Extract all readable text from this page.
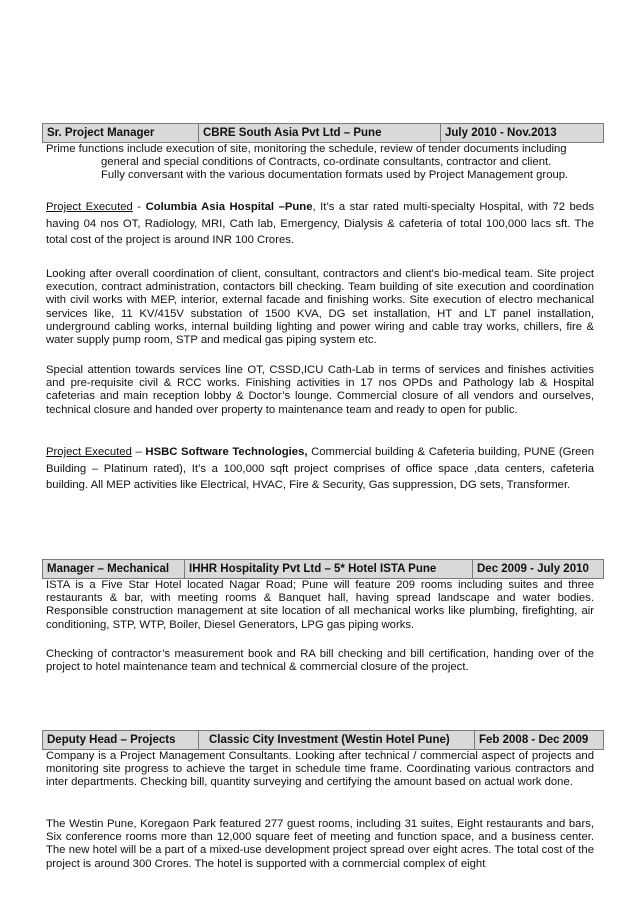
Sr. Project Manager	CBRE South Asia Pvt Ltd – Pune	July 2010 - Nov.2013
Prime functions include execution of site, monitoring the schedule, review of tender documents including
general and special conditions of Contracts, co-ordinate consultants, contractor and client.
Fully conversant with the various documentation formats used by Project Management group.

Project Executed - Columbia Asia Hospital –Pune, It’s a star rated multi-specialty Hospital, with 72 beds having 04 nos OT, Radiology, MRI, Cath lab, Emergency, Dialysis & cafeteria of total 100,000 lacs sft. The total cost of the project is around INR 100 Crores.

Looking after overall coordination of client, consultant, contractors and client's bio-medical team. Site project execution, contract administration, contactors bill checking. Team building of site execution and coordination with civil works with MEP, interior, external facade and finishing works. Site execution of electro mechanical services like, 11 KV/415V substation of 1500 KVA, DG set installation, HT and LT panel installation, underground cabling works, internal building lighting and power wiring and cable tray works, chillers, fire & water supply pump room, STP and medical gas piping system etc.

Special attention towards services line OT, CSSD,ICU Cath-Lab in terms of services and finishes activities and pre-requisite civil & RCC works. Finishing activities in 17 nos OPDs and Pathology lab & Hospital cafeterias and main reception lobby & Doctor’s lounge. Commercial closure of all vendors and ourselves, technical closure and handed over property to maintenance team and ready to open for public.

Project Executed – HSBC Software Technologies, Commercial building & Cafeteria building, PUNE (Green Building – Platinum rated), It’s a 100,000 sqft project comprises of office space ,data centers, cafeteria building. All MEP activities like Electrical, HVAC, Fire & Security, Gas suppression, DG sets, Transformer.

Manager – Mechanical	IHHR Hospitality Pvt Ltd – 5* Hotel ISTA Pune	Dec 2009 - July 2010

ISTA is a Five Star Hotel located Nagar Road; Pune will feature 209 rooms including suites and three restaurants & bar, with meeting rooms & Banquet hall, having spread landscape and water bodies. Responsible construction management at site location of all mechanical works like plumbing, firefighting, air conditioning, STP, WTP, Boiler, Diesel Generators, LPG gas piping works.

Checking of contractor’s measurement book and RA bill checking and bill certification, handing over of the project to hotel maintenance team and technical & commercial closure of the project.

Deputy Head – Projects	Classic City Investment (Westin Hotel Pune)	Feb 2008 - Dec 2009

Company is a Project Management Consultants. Looking after technical / commercial aspect of projects and monitoring site progress to achieve the target in schedule time frame. Coordinating various contractors and inter departments. Checking bill, quantity surveying and certifying the amount based on actual work done.

The Westin Pune, Koregaon Park featured 277 guest rooms, including 31 suites, Eight restaurants and bars, Six conference rooms more than 12,000 square feet of meeting and function space, and a business center. The new hotel will be a part of a mixed-use development project spread over eight acres. The total cost of the project is around 300 Crores. The hotel is supported with a commercial complex of eight
